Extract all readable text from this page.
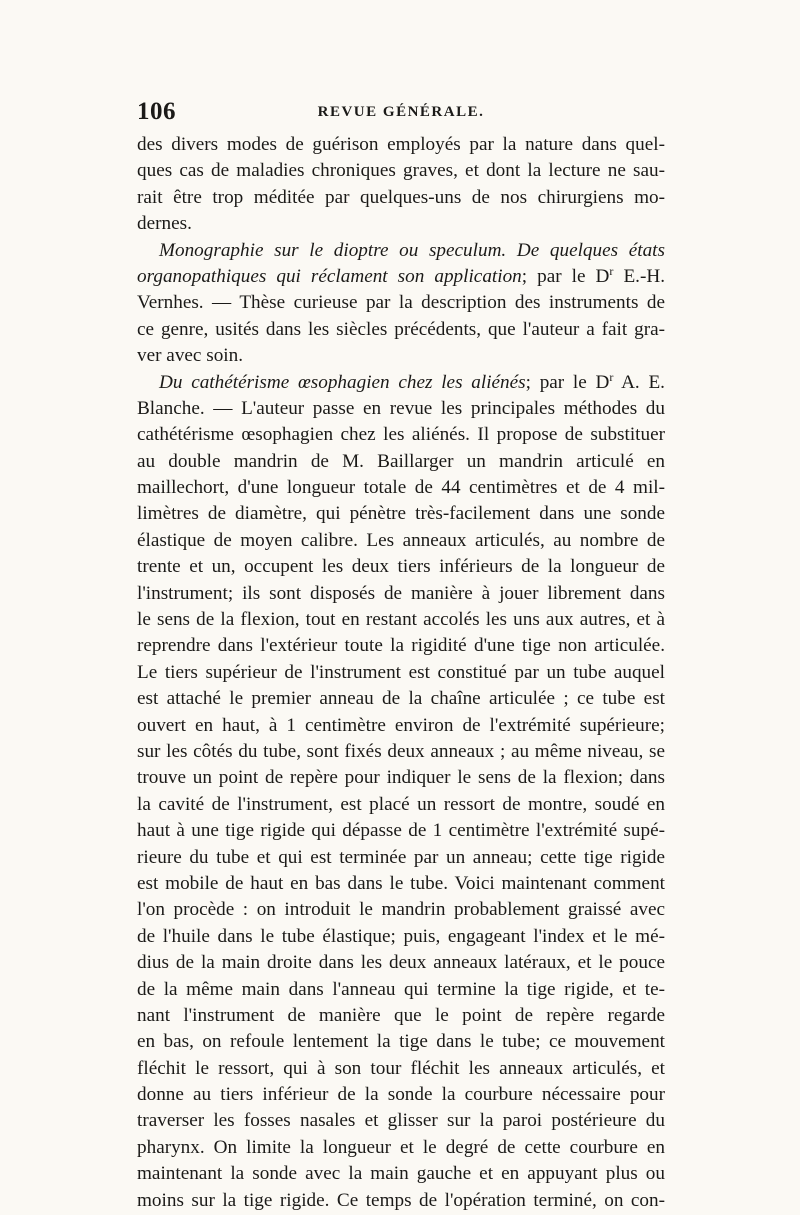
106	REVUE GÉNÉRALE.
des divers modes de guérison employés par la nature dans quel-
ques cas de maladies chroniques graves, et dont la lecture ne sau-
rait être trop méditée par quelques-uns de nos chirurgiens mo-
dernes.
Monographie sur le dioptre ou speculum. De quelques états
organopathiques qui réclament son application; par le $D^r$ E.-H.
Vernhes. — Thèse curieuse par la description des instruments de
ce genre, usités dans les siècles précédents, que l'auteur a fait gra-
ver avec soin.
Du cathétérisme œsophagien chez les aliénés; par le $D^r$ A. E.
Blanche. — L'auteur passe en revue les principales méthodes du
cathétérisme œsophagien chez les aliénés. Il propose de substituer
au double mandrin de M. Baillarger un mandrin articulé en
maillechort, d'une longueur totale de 44 centimètres et de 4 mil-
limètres de diamètre, qui pénètre très-facilement dans une sonde
élastique de moyen calibre. Les anneaux articulés, au nombre de
trente et un, occupent les deux tiers inférieurs de la longueur de
l'instrument; ils sont disposés de manière à jouer librement dans
le sens de la flexion, tout en restant accolés les uns aux autres, et à
reprendre dans l'extérieur toute la rigidité d'une tige non articulée.
Le tiers supérieur de l'instrument est constitué par un tube auquel
est attaché le premier anneau de la chaîne articulée ; ce tube est
ouvert en haut, à 1 centimètre environ de l'extrémité supérieure;
sur les côtés du tube, sont fixés deux anneaux ; au même niveau, se
trouve un point de repère pour indiquer le sens de la flexion; dans
la cavité de l'instrument, est placé un ressort de montre, soudé en
haut à une tige rigide qui dépasse de 1 centimètre l'extrémité supé-
rieure du tube et qui est terminée par un anneau; cette tige rigide
est mobile de haut en bas dans le tube. Voici maintenant comment
l'on procède : on introduit le mandrin probablement graissé avec
de l'huile dans le tube élastique; puis, engageant l'index et le mé-
dius de la main droite dans les deux anneaux latéraux, et le pouce
de la même main dans l'anneau qui termine la tige rigide, et te-
nant l'instrument de manière que le point de repère regarde
en bas, on refoule lentement la tige dans le tube; ce mouvement
fléchit le ressort, qui à son tour fléchit les anneaux articulés, et
donne au tiers inférieur de la sonde la courbure nécessaire pour
traverser les fosses nasales et glisser sur la paroi postérieure du
pharynx. On limite la longueur et le degré de cette courbure en
maintenant la sonde avec la main gauche et en appuyant plus ou
moins sur la tige rigide. Ce temps de l'opération terminé, on con-
